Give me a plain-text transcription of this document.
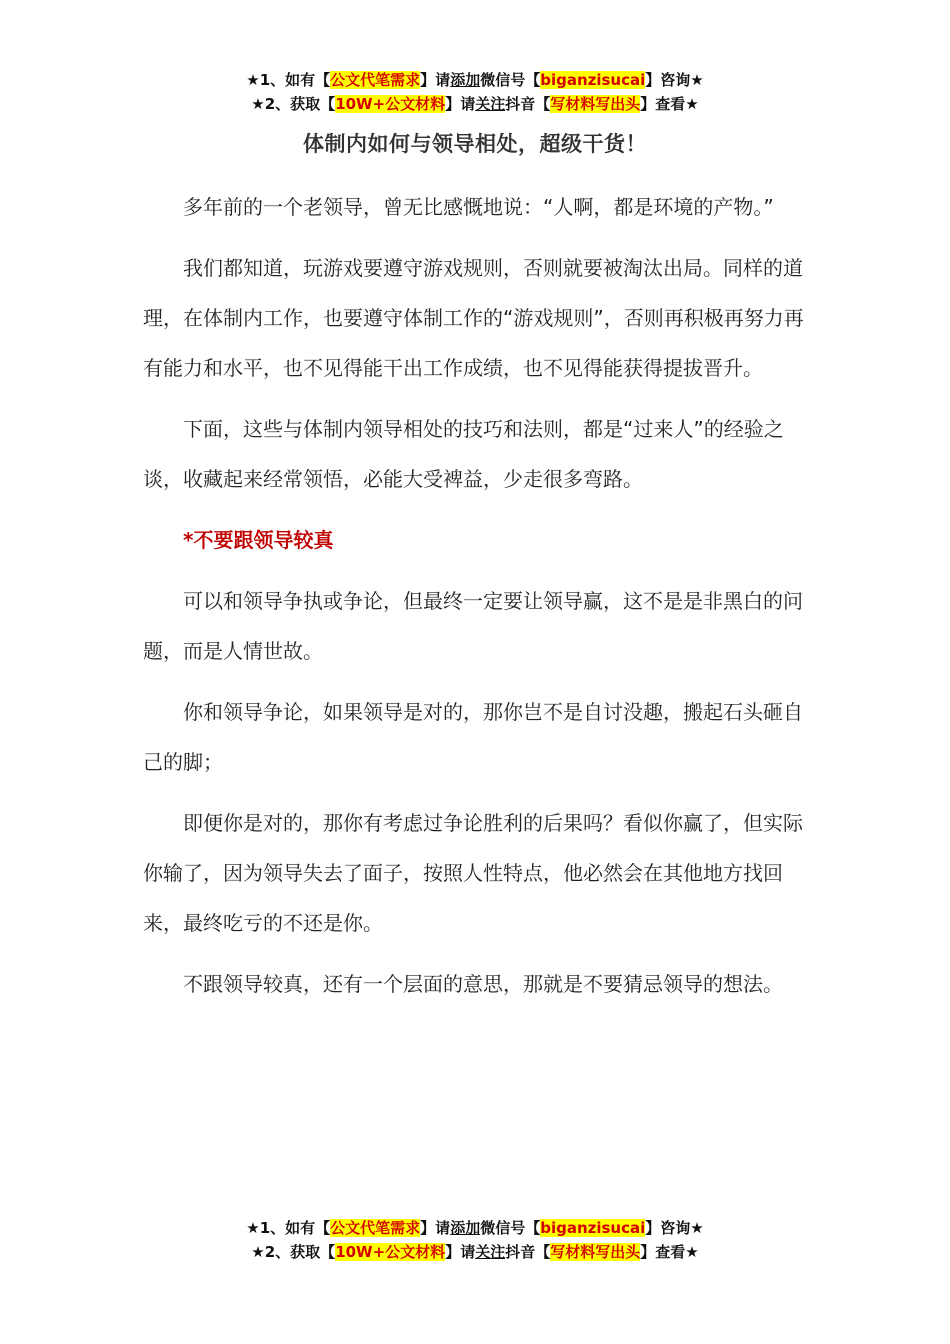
★1、如有【公文代笔需求】请添加微信号【biganzisucai】咨询★
★2、获取【10W+公文材料】请关注抖音【写材料写出头】查看★
体制内如何与领导相处，超级干货！

多年前的一个老领导，曾无比感慨地说：“人啊，都是环境的产物。”

我们都知道，玩游戏要遵守游戏规则，否则就要被淘汰出局。同样的道理，在体制内工作，也要遵守体制工作的“游戏规则”，否则再积极再努力再有能力和水平，也不见得能干出工作成绩，也不见得能获得提拔晋升。

下面，这些与体制内领导相处的技巧和法则，都是“过来人”的经验之谈，收藏起来经常领悟，必能大受裨益，少走很多弯路。

*不要跟领导较真

可以和领导争执或争论，但最终一定要让领导赢，这不是是非黑白的问题，而是人情世故。

你和领导争论，如果领导是对的，那你岂不是自讨没趣，搬起石头砸自己的脚；

即便你是对的，那你有考虑过争论胜利的后果吗？看似你赢了，但实际你输了，因为领导失去了面子，按照人性特点，他必然会在其他地方找回来，最终吃亏的不还是你。

不跟领导较真，还有一个层面的意思，那就是不要猜忌领导的想法。

★1、如有【公文代笔需求】请添加微信号【biganzisucai】咨询★
★2、获取【10W+公文材料】请关注抖音【写材料写出头】查看★
